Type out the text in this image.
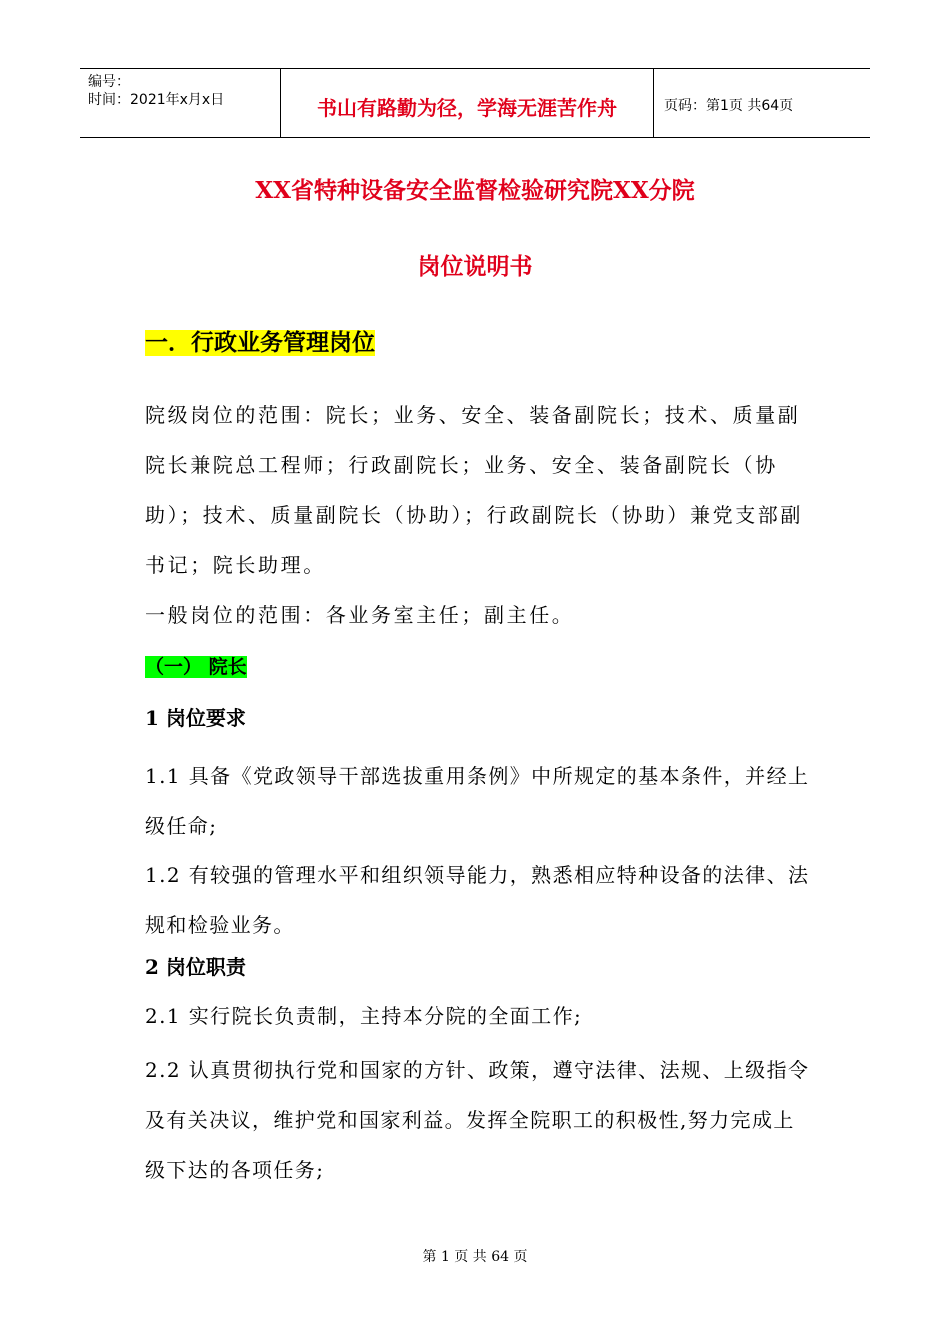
编号：
时间：2021年x月x日	书山有路勤为径，学海无涯苦作舟	页码：第1页 共64页
XX省特种设备安全监督检验研究院XX分院
岗位说明书
一．行政业务管理岗位
院级岗位的范围：院长；业务、安全、装备副院长；技术、质量副院长兼院总工程师；行政副院长；业务、安全、装备副院长（协助）；技术、质量副院长（协助）；行政副院长（协助）兼党支部副书记；院长助理。
一般岗位的范围：各业务室主任；副主任。
（一） 院长
1 岗位要求
1.1 具备《党政领导干部选拔重用条例》中所规定的基本条件，并经上级任命;
1.2 有较强的管理水平和组织领导能力，熟悉相应特种设备的法律、法规和检验业务。
2 岗位职责
2.1 实行院长负责制，主持本分院的全面工作;
2.2 认真贯彻执行党和国家的方针、政策，遵守法律、法规、上级指令及有关决议，维护党和国家利益。发挥全院职工的积极性,努力完成上级下达的各项任务;
第 1 页 共 64 页
